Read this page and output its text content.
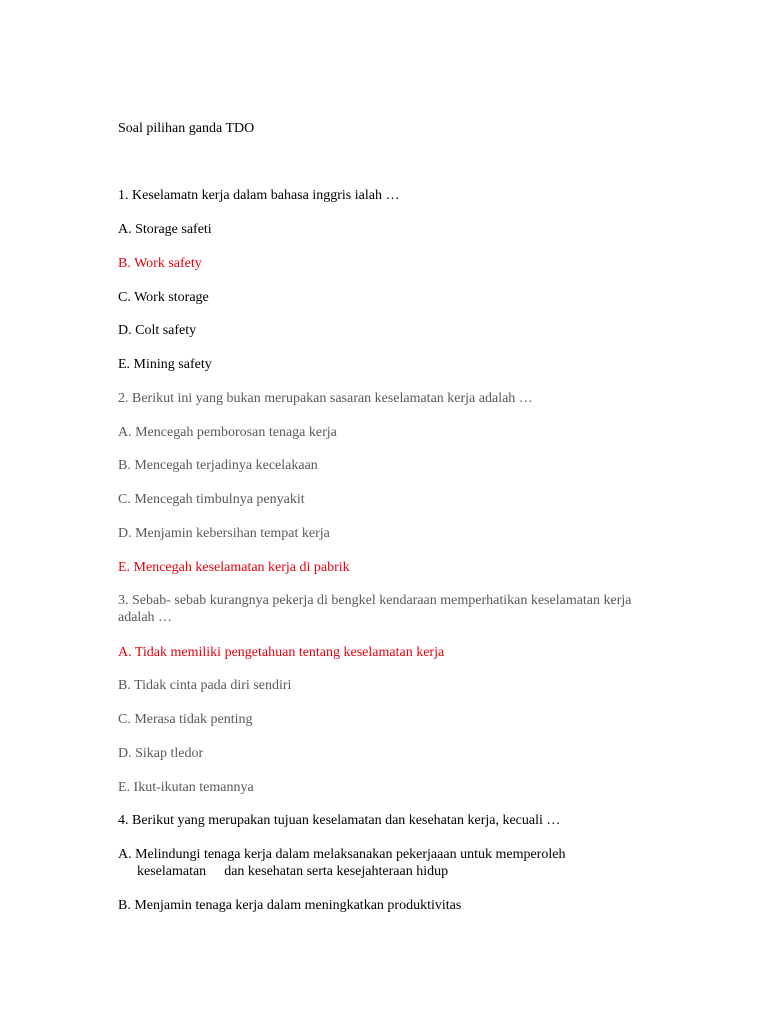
Soal pilihan ganda TDO
1. Keselamatn kerja dalam bahasa inggris ialah …
A. Storage safeti
B. Work safety
C. Work storage
D. Colt safety
E. Mining safety
2. Berikut ini yang bukan merupakan sasaran keselamatan kerja adalah …
A. Mencegah pemborosan tenaga kerja
B. Mencegah terjadinya kecelakaan
C. Mencegah timbulnya penyakit
D. Menjamin kebersihan tempat kerja
E. Mencegah keselamatan kerja di pabrik
3. Sebab- sebab kurangnya pekerja di bengkel kendaraan memperhatikan keselamatan kerja adalah …
A. Tidak memiliki pengetahuan tentang keselamatan kerja
B. Tidak cinta pada diri sendiri
C. Merasa tidak penting
D. Sikap tledor
E. Ikut-ikutan temannya
4. Berikut yang merupakan tujuan keselamatan dan kesehatan kerja, kecuali …
A. Melindungi tenaga kerja dalam melaksanakan pekerjaaan untuk memperoleh
keselamatan dan kesehatan serta kesejahteraan hidup
B. Menjamin tenaga kerja dalam meningkatkan produktivitas
